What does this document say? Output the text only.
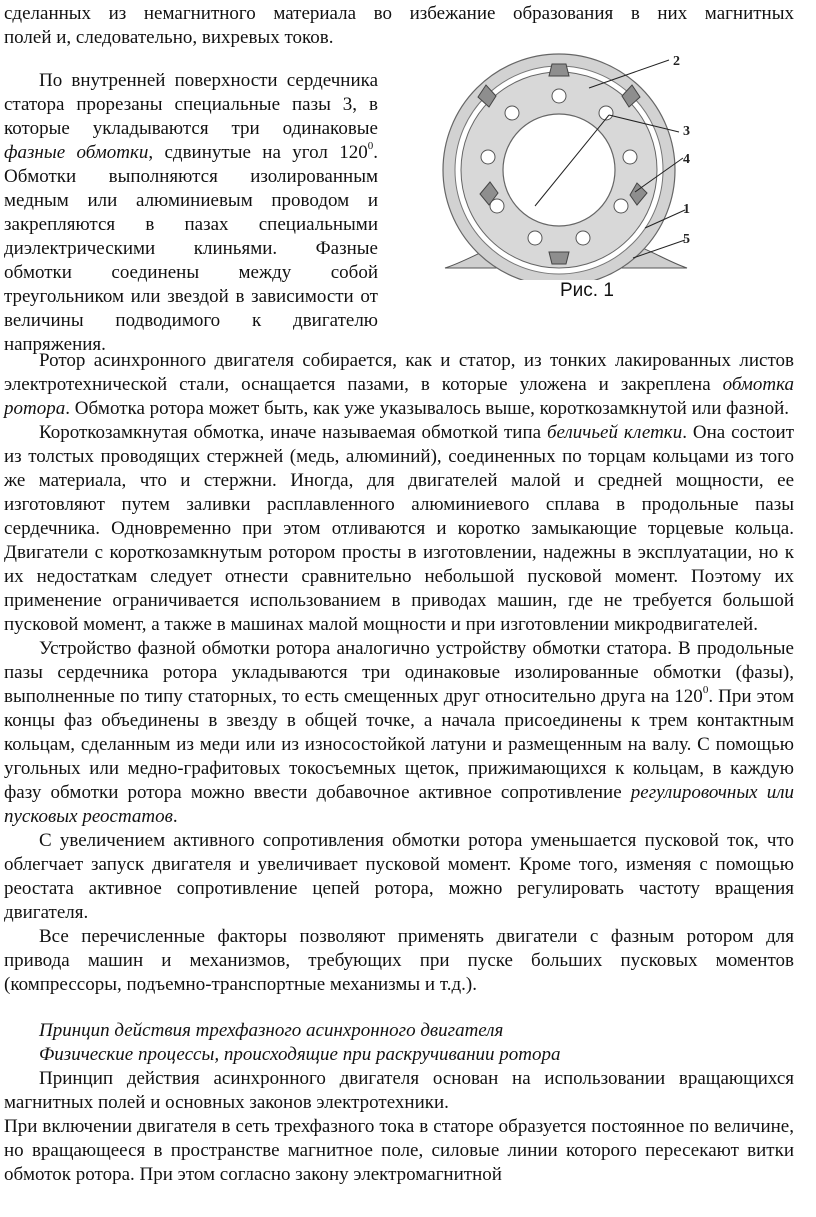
сделанных из немагнитного материала во избежание образования в них магнитных

полей и, следовательно, вихревых токов.

По внутренней поверхности сердечника статора прорезаны специальные пазы 3, в которые укладываются три одинаковые фазные обмотки, сдвинутые на угол $120^0$. Обмотки выполняются изолированным медным или алюминиевым проводом и закрепляются в пазах специальными диэлектрическими клиньями. Фазные обмотки соединены между собой треугольником или звездой в зависимости от величины подводимого к двигателю напряжения.

2
3
4
1
5
Рис. 1

Ротор асинхронного двигателя собирается, как и статор, из тонких лакированных листов электротехнической стали, оснащается пазами, в которые уложена и закреплена обмотка ротора. Обмотка ротора может быть, как уже указывалось выше, короткозамкнутой или фазной.

Короткозамкнутая обмотка, иначе называемая обмоткой типа беличьей клетки. Она состоит из толстых проводящих стержней (медь, алюминий), соединенных по торцам кольцами из того же материала, что и стержни. Иногда, для двигателей малой и средней мощности, ее изготовляют путем заливки расплавленного алюминиевого сплава в продольные пазы сердечника. Одновременно при этом отливаются и коротко замыкающие торцевые кольца. Двигатели с короткозамкнутым ротором просты в изготовлении, надежны в эксплуатации, но к их недостаткам следует отнести сравнительно небольшой пусковой момент. Поэтому их применение ограничивается использованием в приводах машин, где не требуется большой пусковой момент, а также в машинах малой мощности и при изготовлении микродвигателей.

Устройство фазной обмотки ротора аналогично устройству обмотки статора. В продольные пазы сердечника ротора укладываются три одинаковые изолированные обмотки (фазы), выполненные по типу статорных, то есть смещенных друг относительно друга на $120^0$. При этом концы фаз объединены в звезду в общей точке, а начала присоединены к трем контактным кольцам, сделанным из меди или из износостойкой латуни и размещенным на валу. С помощью угольных или медно-графитовых токосъемных щеток, прижимающихся к кольцам, в каждую фазу обмотки ротора можно ввести добавочное активное сопротивление регулировочных или пусковых реостатов.

С увеличением активного сопротивления обмотки ротора уменьшается пусковой ток, что облегчает запуск двигателя и увеличивает пусковой момент. Кроме того, изменяя с помощью реостата активное сопротивление цепей ротора, можно регулировать частоту вращения двигателя.

Все перечисленные факторы позволяют применять двигатели с фазным ротором для привода машин и механизмов, требующих при пуске больших пусковых моментов (компрессоры, подъемно-транспортные механизмы и т.д.).

Принцип действия трехфазного асинхронного двигателя

Физические процессы, происходящие при раскручивании ротора

Принцип действия асинхронного двигателя основан на использовании вращающихся магнитных полей и основных законов электротехники.

При включении двигателя в сеть трехфазного тока в статоре образуется постоянное по величине, но вращающееся в пространстве магнитное поле, силовые линии которого пересекают витки обмоток ротора. При этом согласно закону электромагнитной
